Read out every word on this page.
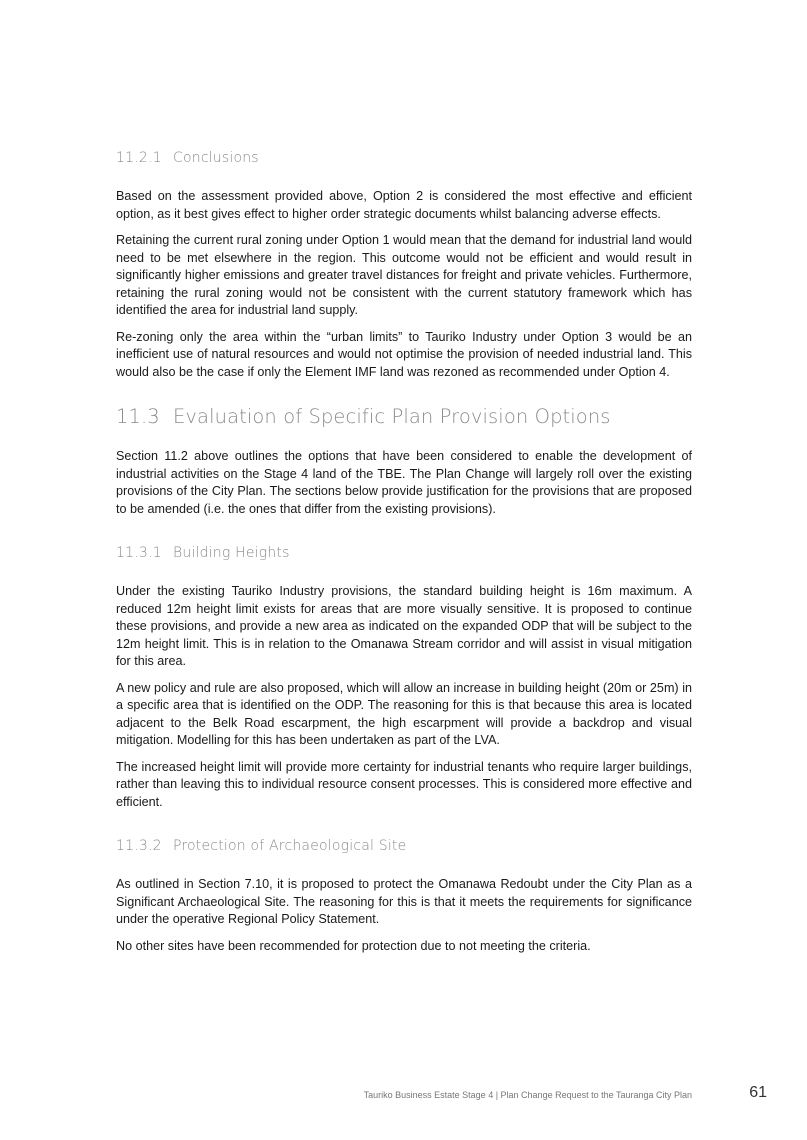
11.2.1 Conclusions

Based on the assessment provided above, Option 2 is considered the most effective and efficient option, as it best gives effect to higher order strategic documents whilst balancing adverse effects.

Retaining the current rural zoning under Option 1 would mean that the demand for industrial land would need to be met elsewhere in the region. This outcome would not be efficient and would result in significantly higher emissions and greater travel distances for freight and private vehicles. Furthermore, retaining the rural zoning would not be consistent with the current statutory framework which has identified the area for industrial land supply.

Re-zoning only the area within the “urban limits” to Tauriko Industry under Option 3 would be an inefficient use of natural resources and would not optimise the provision of needed industrial land. This would also be the case if only the Element IMF land was rezoned as recommended under Option 4.

11.3 Evaluation of Specific Plan Provision Options

Section 11.2 above outlines the options that have been considered to enable the development of industrial activities on the Stage 4 land of the TBE. The Plan Change will largely roll over the existing provisions of the City Plan. The sections below provide justification for the provisions that are proposed to be amended (i.e. the ones that differ from the existing provisions).

11.3.1 Building Heights

Under the existing Tauriko Industry provisions, the standard building height is 16m maximum. A reduced 12m height limit exists for areas that are more visually sensitive. It is proposed to continue these provisions, and provide a new area as indicated on the expanded ODP that will be subject to the 12m height limit. This is in relation to the Omanawa Stream corridor and will assist in visual mitigation for this area.

A new policy and rule are also proposed, which will allow an increase in building height (20m or 25m) in a specific area that is identified on the ODP. The reasoning for this is that because this area is located adjacent to the Belk Road escarpment, the high escarpment will provide a backdrop and visual mitigation. Modelling for this has been undertaken as part of the LVA.

The increased height limit will provide more certainty for industrial tenants who require larger buildings, rather than leaving this to individual resource consent processes. This is considered more effective and efficient.

11.3.2 Protection of Archaeological Site

As outlined in Section 7.10, it is proposed to protect the Omanawa Redoubt under the City Plan as a Significant Archaeological Site. The reasoning for this is that it meets the requirements for significance under the operative Regional Policy Statement.

No other sites have been recommended for protection due to not meeting the criteria.

Tauriko Business Estate Stage 4 | Plan Change Request to the Tauranga City Plan	61
